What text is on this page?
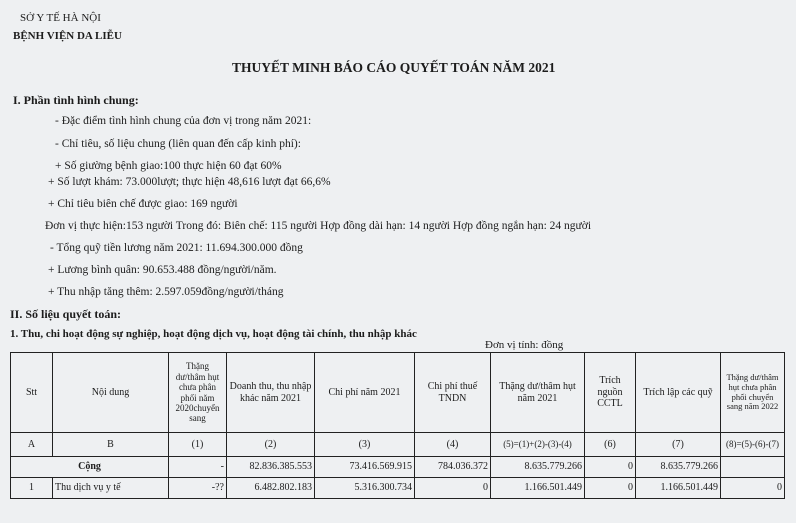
SỞ Y TẾ HÀ NỘI
BỆNH VIỆN DA LIỄU
THUYẾT MINH BÁO CÁO QUYẾT TOÁN NĂM 2021
I. Phần tình hình chung:
- Đặc điểm tình hình chung của đơn vị trong năm 2021:
- Chỉ tiêu, số liệu chung (liên quan đến cấp kinh phí):
+ Số giường bệnh giao:100 thực hiện 60 đạt 60%
+ Số lượt khám: 73.000lượt; thực hiện 48,616 lượt đạt 66,6%
+ Chỉ tiêu biên chế được giao: 169 người
Đơn vị thực hiện:153 người Trong đó: Biên chế: 115 người Hợp đồng dài hạn: 14 người Hợp đồng ngắn hạn: 24 người
- Tổng quỹ tiền lương năm 2021: 11.694.300.000 đồng
+ Lương bình quân: 90.653.488 đồng/người/năm.
+ Thu nhập tăng thêm: 2.597.059đồng/người/tháng
II. Số liệu quyết toán:
1. Thu, chi hoạt động sự nghiệp, hoạt động dịch vụ, hoạt động tài chính, thu nhập khác
Đơn vị tính: đồng
Stt	Nội dung	Thặng dư/thâm hụt chưa phân phối năm 2020chuyển sang	Doanh thu, thu nhập khác năm 2021	Chi phí năm 2021	Chi phí thuế TNDN	Thặng dư/thâm hụt năm 2021	Trích nguồn CCTL	Trích lập các quỹ	Thặng dư/thâm hụt chưa phân phối chuyển sang năm 2022
A	B	(1)	(2)	(3)	(4)	(5)=(1)+(2)-(3)-(4)	(6)	(7)	(8)=(5)-(6)-(7)
Cộng		-	82.836.385.553	73.416.569.915	784.036.372	8.635.779.266	0	8.635.779.266	
1	Thu dịch vụ y tế	-??	6.482.802.183	5.316.300.734	0	1.166.501.449	0	1.166.501.449	0
